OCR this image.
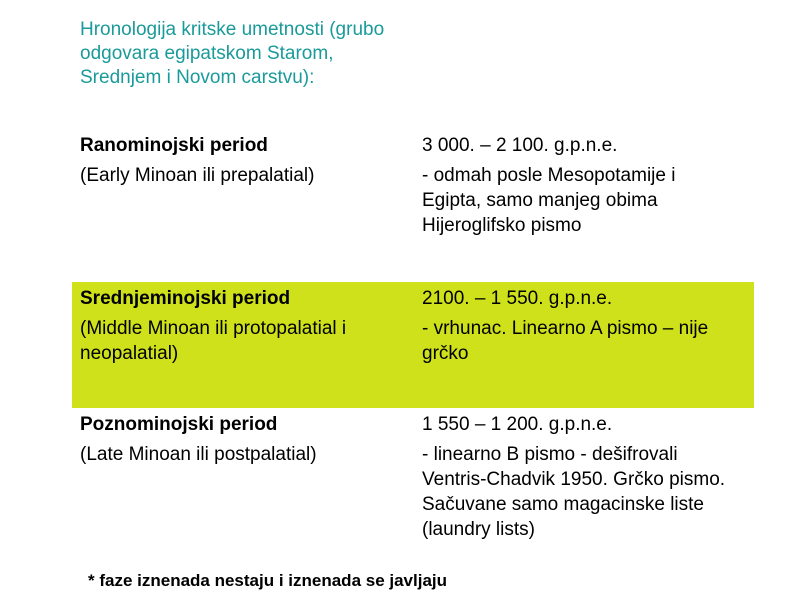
Hronologija kritske umetnosti (grubo odgovara egipatskom Starom, Srednjem i Novom carstvu):
Ranominojski period
(Early Minoan ili prepalatial)
3 000. – 2 100. g.p.n.e.
- odmah posle Mesopotamije i Egipta, samo manjeg obima Hijeroglifsko pismo
Srednjeminojski period
(Middle Minoan ili protopalatial i neopalatial)
2100. – 1 550. g.p.n.e.
- vrhunac. Linearno A pismo – nije grčko
Poznominojski period
(Late Minoan ili postpalatial)
1 550 – 1 200. g.p.n.e.
- linearno B pismo - dešifrovali Ventris-Chadvik 1950. Grčko pismo. Sačuvane samo magacinske liste (laundry lists)
* faze iznenada nestaju i iznenada se javljaju
